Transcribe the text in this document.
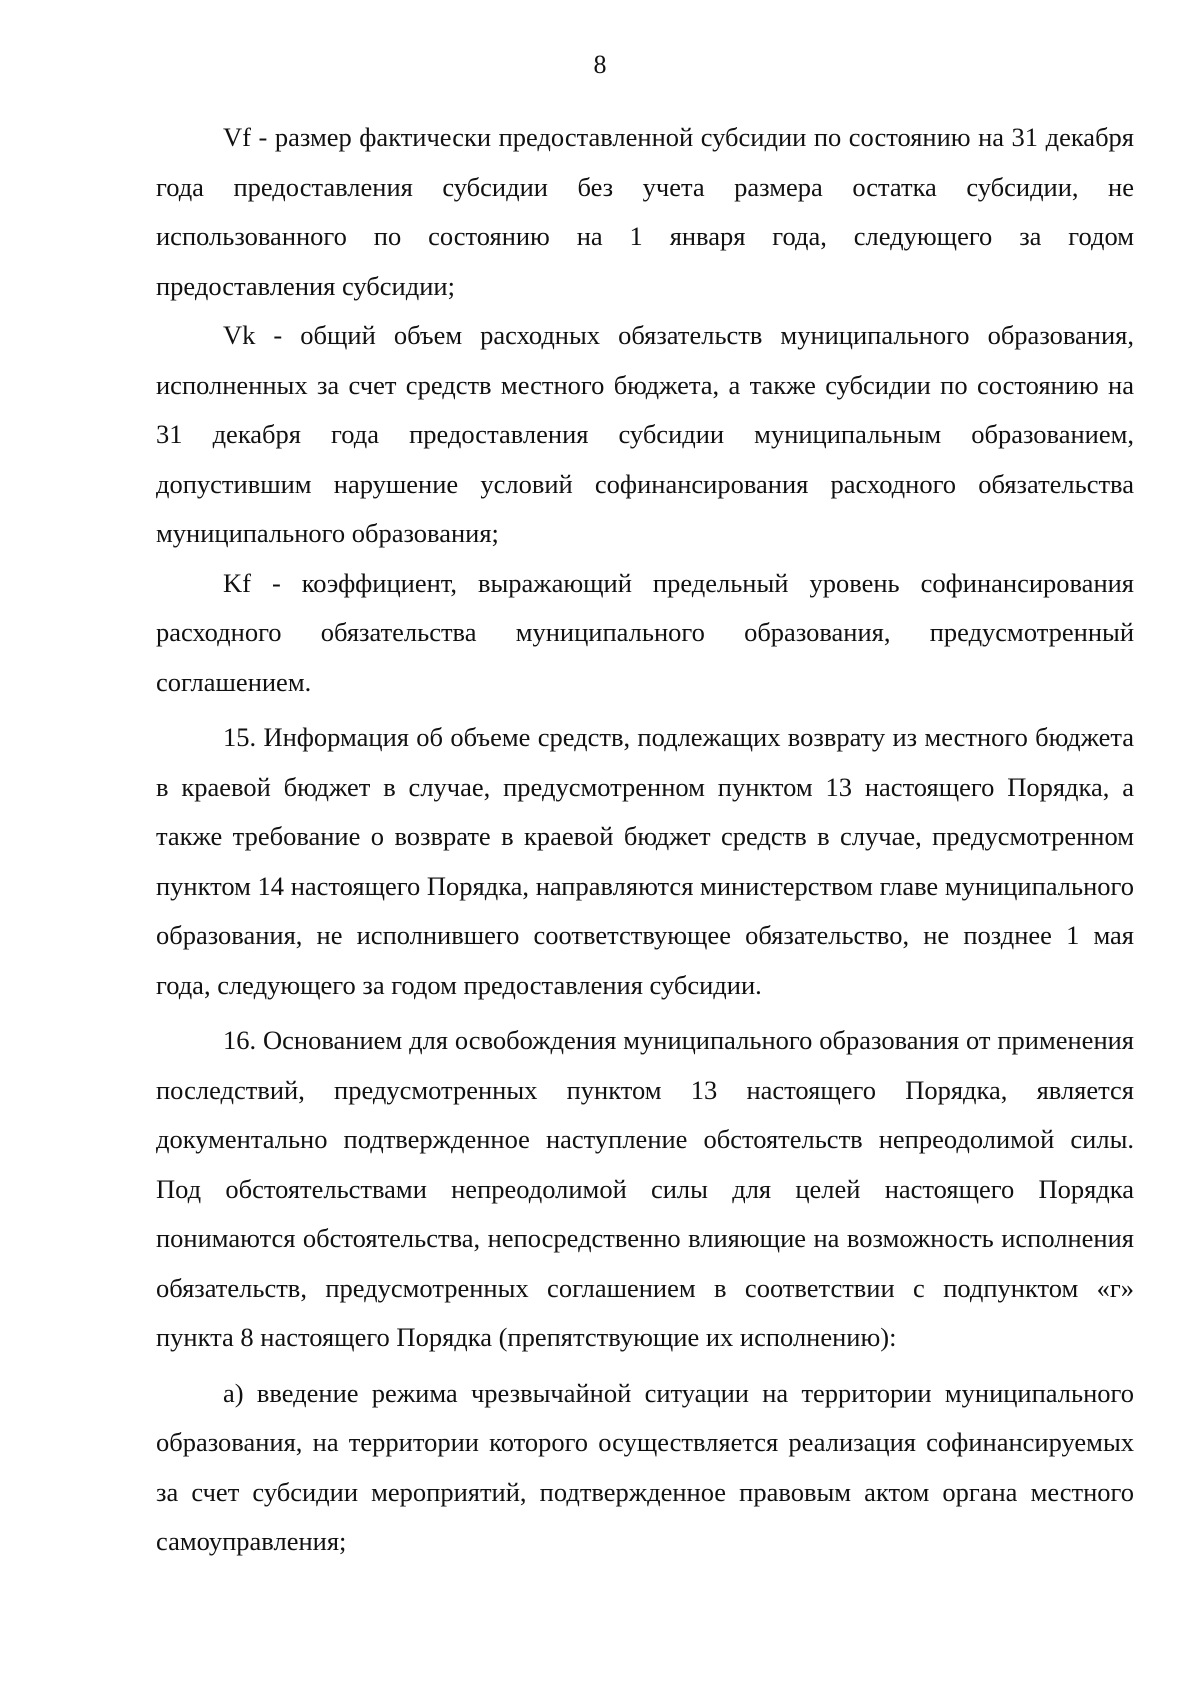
8

Vf - размер фактически предоставленной субсидии по состоянию на 31 декабря года предоставления субсидии без учета размера остатка субсидии, не использованного по состоянию на 1 января года, следующего за годом предоставления субсидии;

Vk - общий объем расходных обязательств муниципального образования, исполненных за счет средств местного бюджета, а также субсидии по состоянию на 31 декабря года предоставления субсидии муниципальным образованием, допустившим нарушение условий софинансирования расходного обязательства муниципального образования;

Kf - коэффициент, выражающий предельный уровень софинансирования расходного обязательства муниципального образования, предусмотренный соглашением.

15. Информация об объеме средств, подлежащих возврату из местного бюджета в краевой бюджет в случае, предусмотренном пунктом 13 настоящего Порядка, а также требование о возврате в краевой бюджет средств в случае, предусмотренном пунктом 14 настоящего Порядка, направляются министерством главе муниципального образования, не исполнившего соответствующее обязательство, не позднее 1 мая года, следующего за годом предоставления субсидии.

16. Основанием для освобождения муниципального образования от применения последствий, предусмотренных пунктом 13 настоящего Порядка, является документально подтвержденное наступление обстоятельств непреодолимой силы. Под обстоятельствами непреодолимой силы для целей настоящего Порядка понимаются обстоятельства, непосредственно влияющие на возможность исполнения обязательств, предусмотренных соглашением в соответствии с подпунктом «г» пункта 8 настоящего Порядка (препятствующие их исполнению):

а) введение режима чрезвычайной ситуации на территории муниципального образования, на территории которого осуществляется реализация софинансируемых за счет субсидии мероприятий, подтвержденное правовым актом органа местного самоуправления;
